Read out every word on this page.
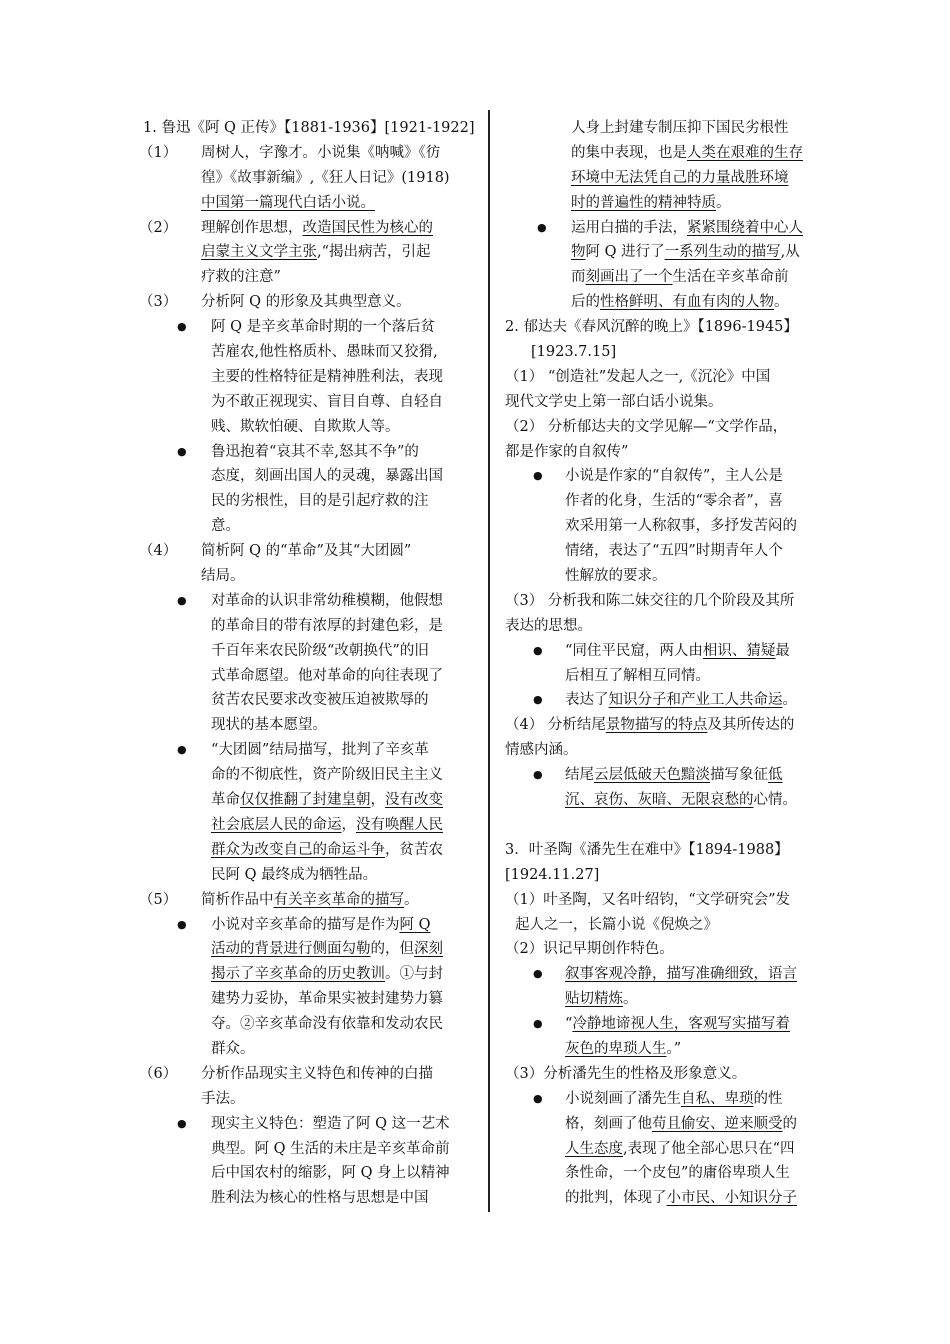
1. 鲁迅《阿 Q 正传》【1881-1936】[1921-1922]
（1） 周树人，字豫才。小说集《呐喊》《彷
徨》《故事新编》,《狂人日记》(1918)
中国第一篇现代白话小说。
（2） 理解创作思想，改造国民性为核心的
启蒙主义文学主张,“揭出病苦，引起
疗救的注意”
（3） 分析阿 Q 的形象及其典型意义。
● 阿 Q 是辛亥革命时期的一个落后贫
苦雇农,他性格质朴、愚昧而又狡猾,
主要的性格特征是精神胜利法，表现
为不敢正视现实、盲目自尊、自轻自
贱、欺软怕硬、自欺欺人等。
● 鲁迅抱着“哀其不幸,怒其不争”的
态度，刻画出国人的灵魂，暴露出国
民的劣根性，目的是引起疗救的注
意。
（4） 简析阿 Q 的“革命”及其“大团圆”
结局。
● 对革命的认识非常幼稚模糊，他假想
的革命目的带有浓厚的封建色彩，是
千百年来农民阶级“改朝换代”的旧
式革命愿望。他对革命的向往表现了
贫苦农民要求改变被压迫被欺辱的
现状的基本愿望。
● “大团圆”结局描写，批判了辛亥革
命的不彻底性，资产阶级旧民主主义
革命仅仅推翻了封建皇朝，没有改变
社会底层人民的命运，没有唤醒人民
群众为改变自己的命运斗争，贫苦农
民阿 Q 最终成为牺牲品。
（5） 简析作品中有关辛亥革命的描写。
● 小说对辛亥革命的描写是作为阿 Q
活动的背景进行侧面勾勒的，但深刻
揭示了辛亥革命的历史教训。①与封
建势力妥协，革命果实被封建势力篡
夺。②辛亥革命没有依靠和发动农民
群众。
（6） 分析作品现实主义特色和传神的白描
手法。
● 现实主义特色：塑造了阿 Q 这一艺术
典型。阿 Q 生活的未庄是辛亥革命前
后中国农村的缩影，阿 Q 身上以精神
胜利法为核心的性格与思想是中国
人身上封建专制压抑下国民劣根性
的集中表现，也是人类在艰难的生存
环境中无法凭自己的力量战胜环境
时的普遍性的精神特质。
● 运用白描的手法，紧紧围绕着中心人
物阿 Q 进行了一系列生动的描写,从
而刻画出了一个生活在辛亥革命前
后的性格鲜明、有血有肉的人物。
2. 郁达夫《春风沉醉的晚上》【1896-1945】
[1923.7.15]
（1） “创造社”发起人之一,《沉沦》中国
现代文学史上第一部白话小说集。
（2） 分析郁达夫的文学见解—“文学作品，
都是作家的自叙传”
● 小说是作家的“自叙传”，主人公是
作者的化身，生活的“零余者”，喜
欢采用第一人称叙事，多抒发苦闷的
情绪，表达了“五四”时期青年人个
性解放的要求。
（3） 分析我和陈二妹交往的几个阶段及其所
表达的思想。
● “同住平民窟，两人由相识、猜疑最
后相互了解相互同情。
● 表达了知识分子和产业工人共命运。
（4） 分析结尾景物描写的特点及其所传达的
情感内涵。
● 结尾云层低破天色黯淡描写象征低
沉、哀伤、灰暗、无限哀愁的心情。
3．叶圣陶《潘先生在难中》【1894-1988】
[1924.11.27]
（1）叶圣陶，又名叶绍钧，“文学研究会”发
起人之一，长篇小说《倪焕之》
（2）识记早期创作特色。
● 叙事客观冷静，描写准确细致，语言
贴切精炼。
● “冷静地谛视人生，客观写实描写着
灰色的卑琐人生。”
（3）分析潘先生的性格及形象意义。
● 小说刻画了潘先生自私、卑琐的性
格，刻画了他苟且偷安、逆来顺受的
人生态度,表现了他全部心思只在“四
条性命，一个皮包”的庸俗卑琐人生
的批判，体现了小市民、小知识分子
